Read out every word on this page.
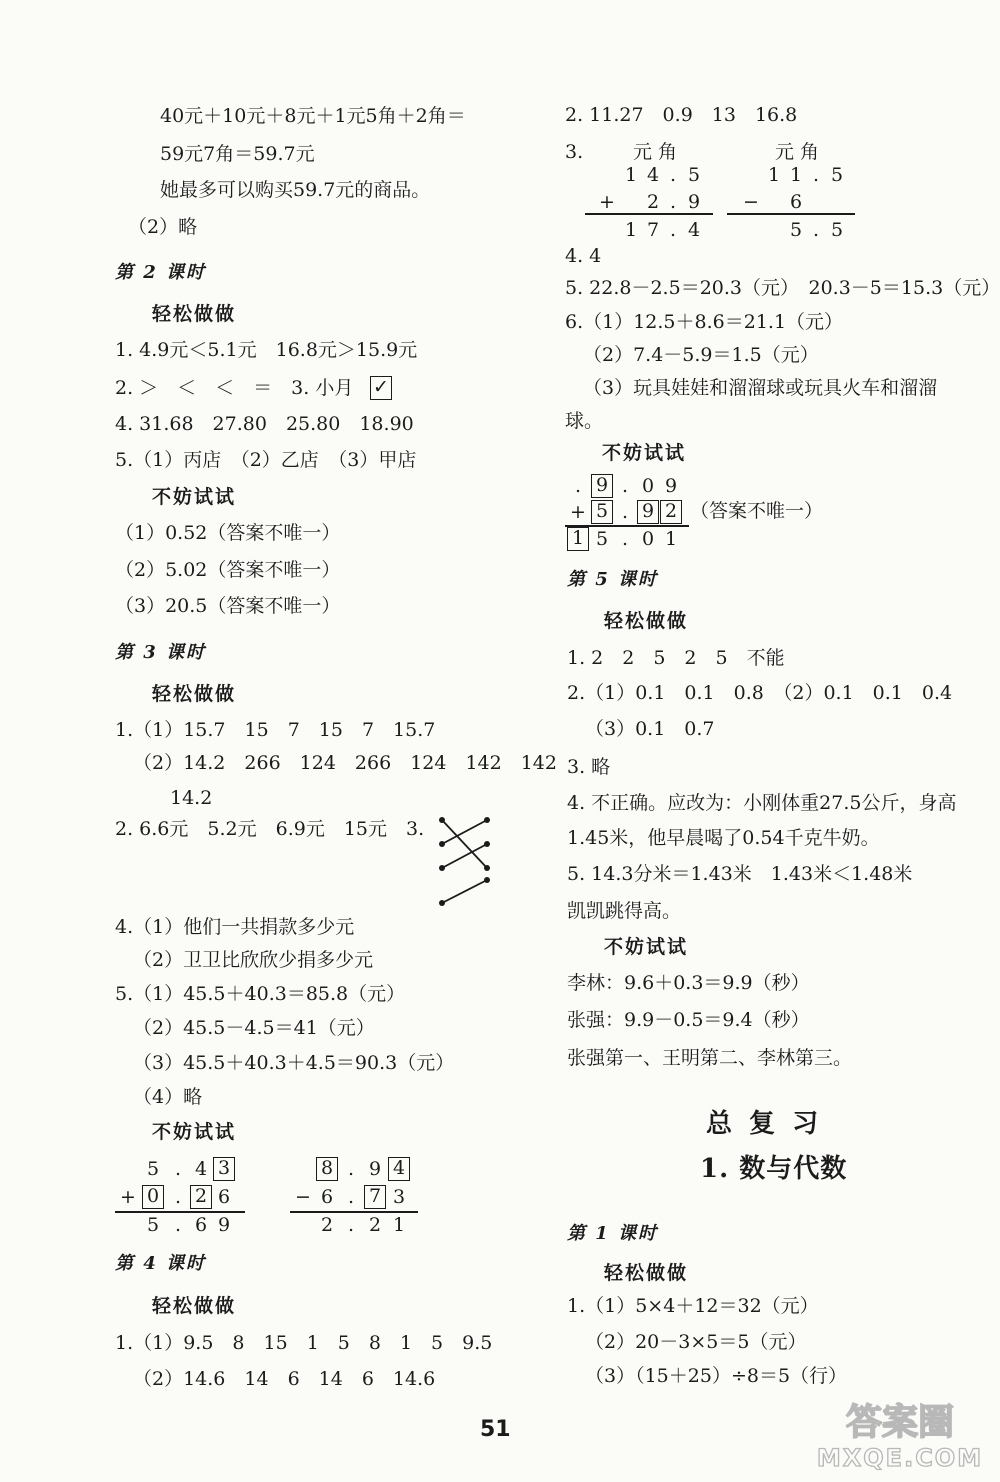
40元＋10元＋8元＋1元5角＋2角＝
59元7角＝59.7元
她最多可以购买59.7元的商品。
（2）略
第 2 课时
轻松做做
1. 4.9元＜5.1元　16.8元＞15.9元
2. ＞　＜　＜　＝　3. 小月 ✓
4. 31.68　27.80　25.80　18.90
5.（1）丙店　（2）乙店　（3）甲店
不妨试试
（1）0.52（答案不唯一）
（2）5.02（答案不唯一）
（3）20.5（答案不唯一）
第 3 课时
轻松做做
1.（1）15.7　15　7　15　7　15.7
（2）14.2　266　124　266　124　142　142
14.2
2. 6.6元　5.2元　6.9元　15元　3.
4.（1）他们一共捐款多少元
（2）卫卫比欣欣少捐多少元
5.（1）45.5＋40.3＝85.8（元）
（2）45.5－4.5＝41（元）
（3）45.5＋40.3＋4.5＝90.3（元）
（4）略
不妨试试
5 . 4 3
+ 0 . 2 6
5 . 6 9
8 . 9 4
− 6 . 7 3
2 . 2 1
第 4 课时
轻松做做
1.（1）9.5　8　15　1　5　8　1　5　9.5
（2）14.6　14　6　14　6　14.6
2. 11.27　0.9　13　16.8
3.	元 角	元 角
1 4 . 5
+ 2 . 9
1 7 . 4
1 1 . 5
− 6
5 . 5
4. 4
5. 22.8－2.5＝20.3（元）　20.3－5＝15.3（元）
6.（1）12.5＋8.6＝21.1（元）
（2）7.4－5.9＝1.5（元）
（3）玩具娃娃和溜溜球或玩具火车和溜溜
球。
不妨试试
. 9 . 0 9
+ 5 . 9 2
1 5 . 0 1
（答案不唯一）
第 5 课时
轻松做做
1. 2　2　5　2　5　不能
2.（1）0.1　0.1　0.8　（2）0.1　0.1　0.4
（3）0.1　0.7
3. 略
4. 不正确。应改为：小刚体重27.5公斤，身高
1.45米，他早晨喝了0.54千克牛奶。
5. 14.3分米＝1.43米　1.43米＜1.48米
凯凯跳得高。
不妨试试
李林：9.6＋0.3＝9.9（秒）
张强：9.9－0.5＝9.4（秒）
张强第一、王明第二、李林第三。
总 复 习
1. 数与代数
第 1 课时
轻松做做
1.（1）5×4＋12＝32（元）
（2）20－3×5＝5（元）
（3）（15＋25）÷8＝5（行）
51	答案圈
MXQE.COM
